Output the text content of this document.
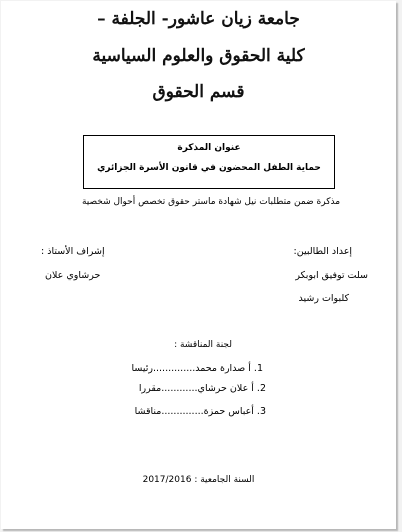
جامعة زيان عاشور- الجلفة –
كلية الحقوق والعلوم السياسية
قسم الحقوق
عنوان المذكرة
حماية الطفل المحضون في قانون الأسرة الجزائري
مذكرة ضمن متطلبات نيل شهادة ماستر حقوق تخصص أحوال شخصية
إعداد الطالبين:
إشراف الأستاذ :
سلت توفيق ابوبكر
حرشاوي علان
كلبوات رشيد
لجنة المناقشة :
1. أ صدارة محمد..............رئيسا
2. أ علان حرشاي............مقررا
3. أعباس حمزة..............مناقشا
السنة الجامعية : 2017/2016
